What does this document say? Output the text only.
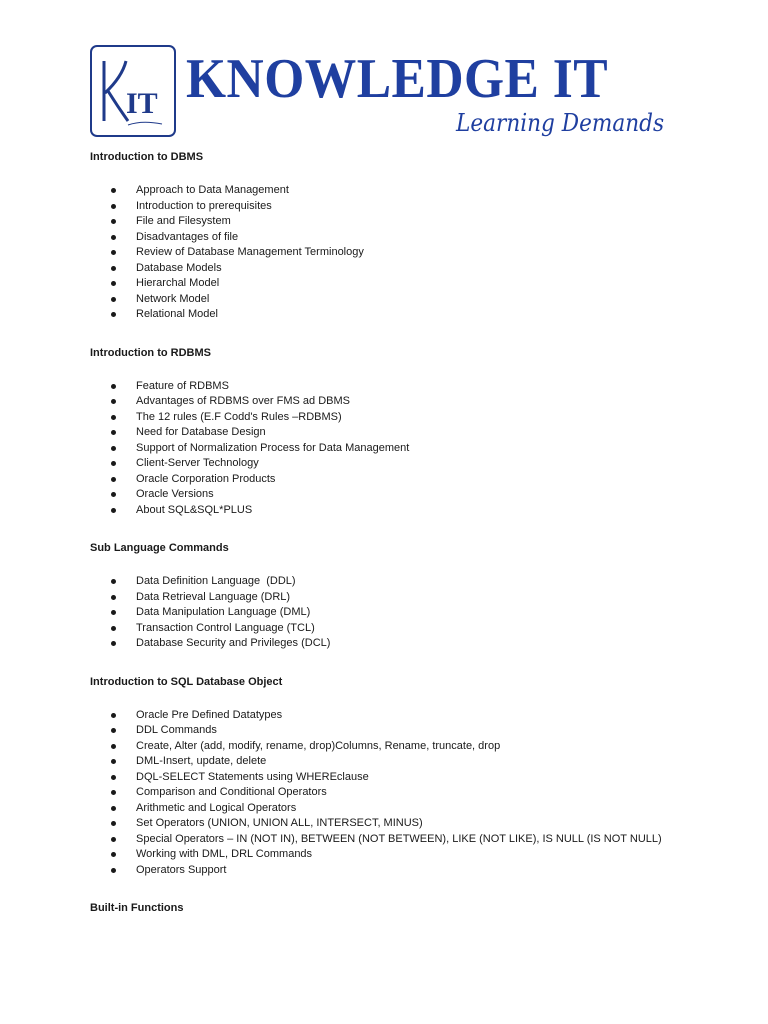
IT KNOWLEDGE IT
Learning Demands

Introduction to DBMS

Approach to Data Management
Introduction to prerequisites
File and Filesystem
Disadvantages of file
Review of Database Management Terminology
Database Models
Hierarchal Model
Network Model
Relational Model

Introduction to RDBMS

Feature of RDBMS
Advantages of RDBMS over FMS ad DBMS
The 12 rules (E.F Codd's Rules –RDBMS)
Need for Database Design
Support of Normalization Process for Data Management
Client-Server Technology
Oracle Corporation Products
Oracle Versions
About SQL&SQL*PLUS

Sub Language Commands

Data Definition Language  (DDL)
Data Retrieval Language (DRL)
Data Manipulation Language (DML)
Transaction Control Language (TCL)
Database Security and Privileges (DCL)

Introduction to SQL Database Object

Oracle Pre Defined Datatypes
DDL Commands
Create, Alter (add, modify, rename, drop)Columns, Rename, truncate, drop
DML-Insert, update, delete
DQL-SELECT Statements using WHEREclause
Comparison and Conditional Operators
Arithmetic and Logical Operators
Set Operators (UNION, UNION ALL, INTERSECT, MINUS)
Special Operators – IN (NOT IN), BETWEEN (NOT BETWEEN), LIKE (NOT LIKE), IS NULL (IS NOT NULL)
Working with DML, DRL Commands
Operators Support

Built-in Functions
